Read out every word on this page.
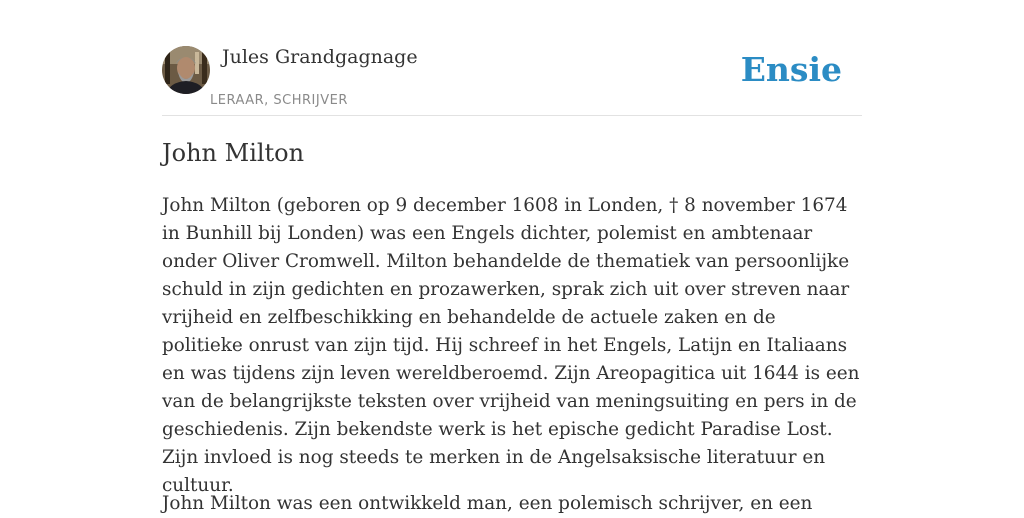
Jules Grandgagnage
LERAAR, SCHRIJVER
Ensie
John Milton

John Milton (geboren op 9 december 1608 in Londen, † 8 november 1674 in Bunhill bij Londen) was een Engels dichter, polemist en ambtenaar onder Oliver Cromwell. Milton behandelde de thematiek van persoonlijke schuld in zijn gedichten en prozawerken, sprak zich uit over streven naar vrijheid en zelfbeschikking en behandelde de actuele zaken en de politieke onrust van zijn tijd. Hij schreef in het Engels, Latijn en Italiaans en was tijdens zijn leven wereldberoemd. Zijn Areopagitica uit 1644 is een van de belangrijkste teksten over vrijheid van meningsuiting en pers in de geschiedenis. Zijn bekendste werk is het epische gedicht Paradise Lost. Zijn invloed is nog steeds te merken in de Angelsaksische literatuur en cultuur.

John Milton was een ontwikkeld man, een polemisch schrijver, en een
